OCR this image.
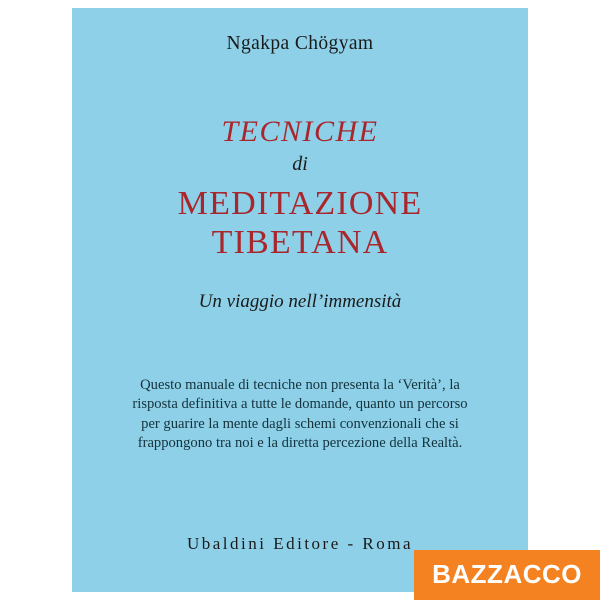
Ngakpa Chögyam
TECNICHE
di
MEDITAZIONE
TIBETANA
Un viaggio nell’immensità
Questo manuale di tecniche non presenta la ‘Verità’, la risposta definitiva a tutte le domande, quanto un percorso per guarire la mente dagli schemi convenzionali che si frappongono tra noi e la diretta percezione della Realtà.
Ubaldini Editore - Roma
BAZZACCO
